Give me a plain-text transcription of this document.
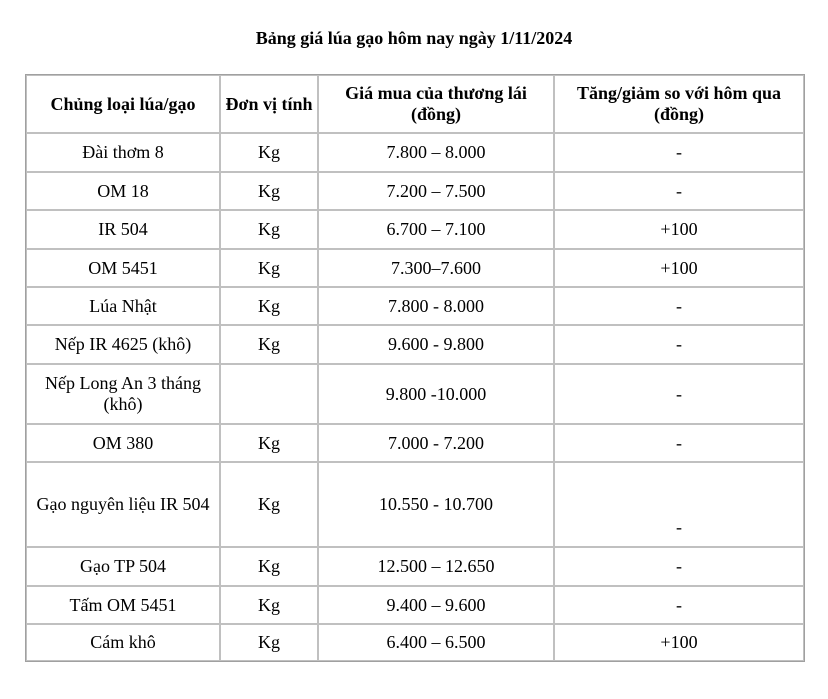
Bảng giá lúa gạo hôm nay ngày 1/11/2024
Chủng loại lúa/gạo	Đơn vị tính	Giá mua của thương lái (đồng)	Tăng/giảm so với hôm qua (đồng)
Đài thơm 8	Kg	7.800 – 8.000	-
OM 18	Kg	7.200 – 7.500	-
IR 504	Kg	6.700 – 7.100	+100
OM 5451	Kg	7.300–7.600	+100
Lúa Nhật	Kg	7.800 - 8.000	-
Nếp IR 4625 (khô)	Kg	9.600 - 9.800	-
Nếp Long An 3 tháng (khô)		9.800 -10.000	-
OM 380	Kg	7.000 - 7.200	-
Gạo nguyên liệu IR 504	Kg	10.550 - 10.700	-
Gạo TP 504	Kg	12.500 – 12.650	-
Tấm OM 5451	Kg	9.400 – 9.600	-
Cám khô	Kg	6.400 – 6.500	+100
